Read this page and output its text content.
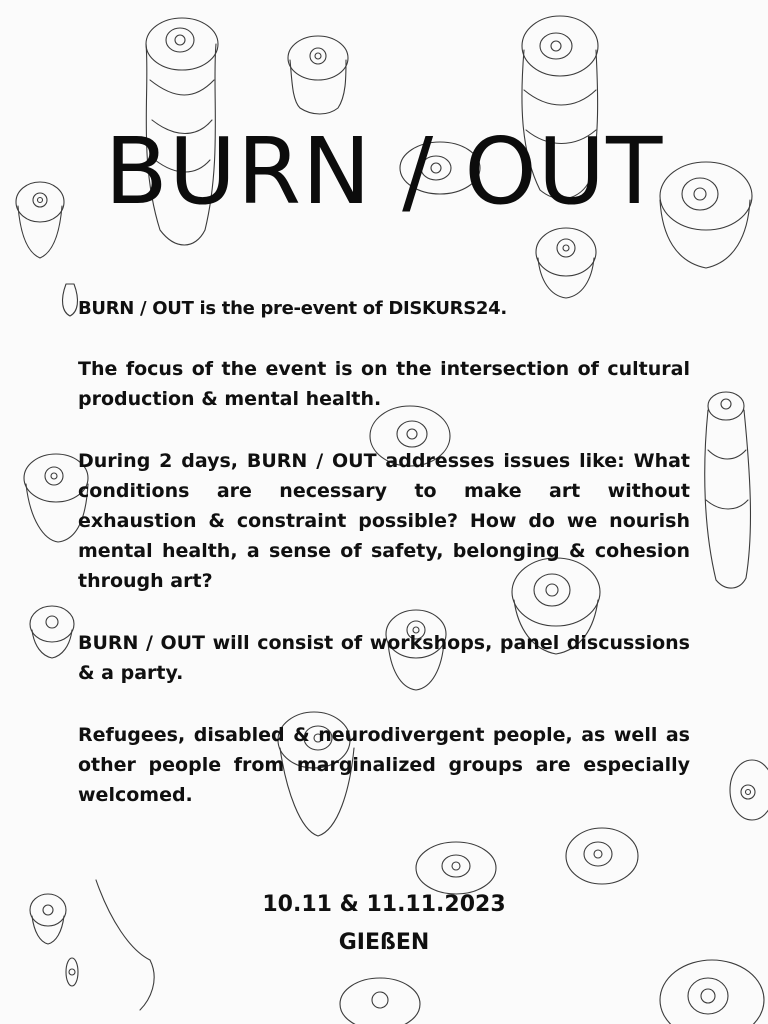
BURN / OUT

BURN / OUT is the pre-event of DISKURS24.

The focus of the event is on the intersection of cultural production & mental health.

During 2 days, BURN / OUT addresses issues like: What conditions are necessary to make art without exhaustion & constraint possible? How do we nourish mental health, a sense of safety, belonging & cohesion through art?

BURN / OUT will consist of workshops, panel discussions & a party.

Refugees, disabled & neurodivergent people, as well as other people from marginalized groups are especially welcomed.

10.11 & 11.11.2023
GIEßEN
